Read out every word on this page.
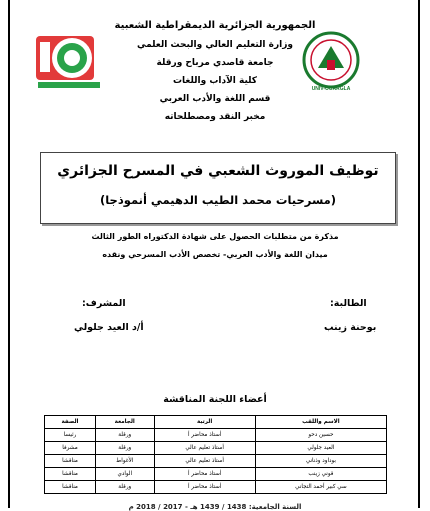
UNIV-OUARGLA
الجمهورية الجزائرية الديمقراطية الشعبية
وزارة التعليم العالي والبحث العلمي
جامعة قاصدي مرباح ورقلة
كلية الآداب واللغات
قسم اللغة والأدب العربي
مخبر النقد ومصطلحاته
توظيف الموروث الشعبي في المسرح الجزائري
(مسرحيات محمد الطيب الدهيمي أنموذجا)
مذكرة من متطلبات الحصول على شهادة الدكتوراه الطور الثالث
ميدان اللغة والأدب العربي- تخصص الأدب المسرحي ونقده
الطالبة:
بوحنة زينب
المشرف:
أ/د العيد جلولي
أعضاء اللجنة المناقشة
الاسم واللقب	الرتبة	الجامعة	الصفة
حسين دحو	أستاذ محاضر أ	ورقلة	رئيسا
العيد جلولي	أستاذ تعليم عالي	ورقلة	مشرفا
بوداود وذناني	أستاذ تعليم عالي	الأغواط	مناقشا
قوني زينب	أستاذ محاضر أ	الوادي	مناقشا
سي كبير أحمد التجاني	أستاذ محاضر أ	ورقلة	مناقشا
السنة الجامعية: 1438 / 1439 هـ - 2017 / 2018 م
